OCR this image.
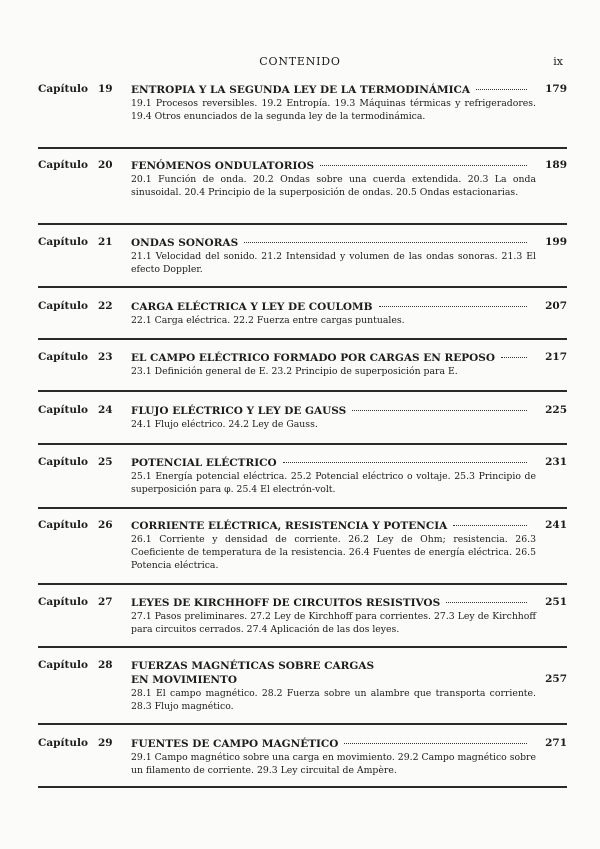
CONTENIDO	ix
Capítulo 19 ENTROPIA Y LA SEGUNDA LEY DE LA TERMODINÁMICA	179
19.1 Procesos reversibles. 19.2 Entropía. 19.3 Máquinas térmicas y refrigeradores. 19.4 Otros enunciados de la segunda ley de la termodinámica.
Capítulo 20 FENÓMENOS ONDULATORIOS	189
20.1 Función de onda. 20.2 Ondas sobre una cuerda extendida. 20.3 La onda sinusoidal. 20.4 Principio de la superposición de ondas. 20.5 Ondas estacionarias.
Capítulo 21 ONDAS SONORAS	199
21.1 Velocidad del sonido. 21.2 Intensidad y volumen de las ondas sonoras. 21.3 El efecto Doppler.
Capítulo 22 CARGA ELÉCTRICA Y LEY DE COULOMB	207
22.1 Carga eléctrica. 22.2 Fuerza entre cargas puntuales.
Capítulo 23 EL CAMPO ELÉCTRICO FORMADO POR CARGAS EN REPOSO	217
23.1 Definición general de E. 23.2 Principio de superposición para E.
Capítulo 24 FLUJO ELÉCTRICO Y LEY DE GAUSS	225
24.1 Flujo eléctrico. 24.2 Ley de Gauss.
Capítulo 25 POTENCIAL ELÉCTRICO	231
25.1 Energía potencial eléctrica. 25.2 Potencial eléctrico o voltaje. 25.3 Principio de superposición para φ. 25.4 El electrón-volt.
Capítulo 26 CORRIENTE ELÉCTRICA, RESISTENCIA Y POTENCIA	241
26.1 Corriente y densidad de corriente. 26.2 Ley de Ohm; resistencia. 26.3 Coeficiente de temperatura de la resistencia. 26.4 Fuentes de energía eléctrica. 26.5 Potencia eléctrica.
Capítulo 27 LEYES DE KIRCHHOFF DE CIRCUITOS RESISTIVOS	251
27.1 Pasos preliminares. 27.2 Ley de Kirchhoff para corrientes. 27.3 Ley de Kirchhoff para circuitos cerrados. 27.4 Aplicación de las dos leyes.
Capítulo 28 FUERZAS MAGNÉTICAS SOBRE CARGAS
EN MOVIMIENTO	257
28.1 El campo magnético. 28.2 Fuerza sobre un alambre que transporta corriente. 28.3 Flujo magnético.
Capítulo 29 FUENTES DE CAMPO MAGNÉTICO	271
29.1 Campo magnético sobre una carga en movimiento. 29.2 Campo magnético sobre un filamento de corriente. 29.3 Ley circuital de Ampère.
